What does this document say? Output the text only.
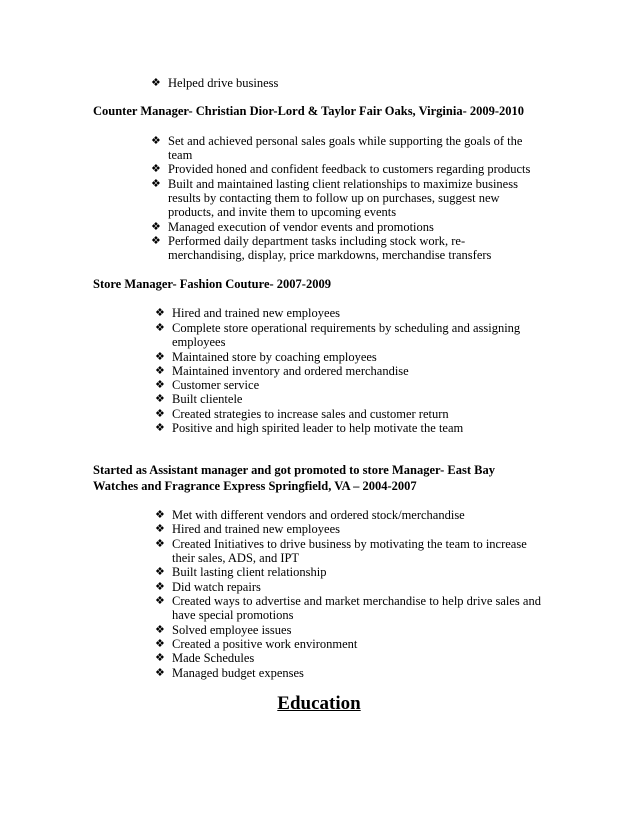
❖ Helped drive business
Counter Manager- Christian Dior-Lord & Taylor Fair Oaks, Virginia- 2009-2010
❖ Set and achieved personal sales goals while supporting the goals of the
team
❖ Provided honed and confident feedback to customers regarding products
❖ Built and maintained lasting client relationships to maximize business
results by contacting them to follow up on purchases, suggest new
products, and invite them to upcoming events
❖ Managed execution of vendor events and promotions
❖ Performed daily department tasks including stock work, re-
merchandising, display, price markdowns, merchandise transfers
Store Manager- Fashion Couture- 2007-2009
❖ Hired and trained new employees
❖ Complete store operational requirements by scheduling and assigning
employees
❖ Maintained store by coaching employees
❖ Maintained inventory and ordered merchandise
❖ Customer service
❖ Built clientele
❖ Created strategies to increase sales and customer return
❖ Positive and high spirited leader to help motivate the team
Started as Assistant manager and got promoted to store Manager- East Bay
Watches and Fragrance Express Springfield, VA – 2004-2007
❖ Met with different vendors and ordered stock/merchandise
❖ Hired and trained new employees
❖ Created Initiatives to drive business by motivating the team to increase
their sales, ADS, and IPT
❖ Built lasting client relationship
❖ Did watch repairs
❖ Created ways to advertise and market merchandise to help drive sales and
have special promotions
❖ Solved employee issues
❖ Created a positive work environment
❖ Made Schedules
❖ Managed budget expenses
Education
